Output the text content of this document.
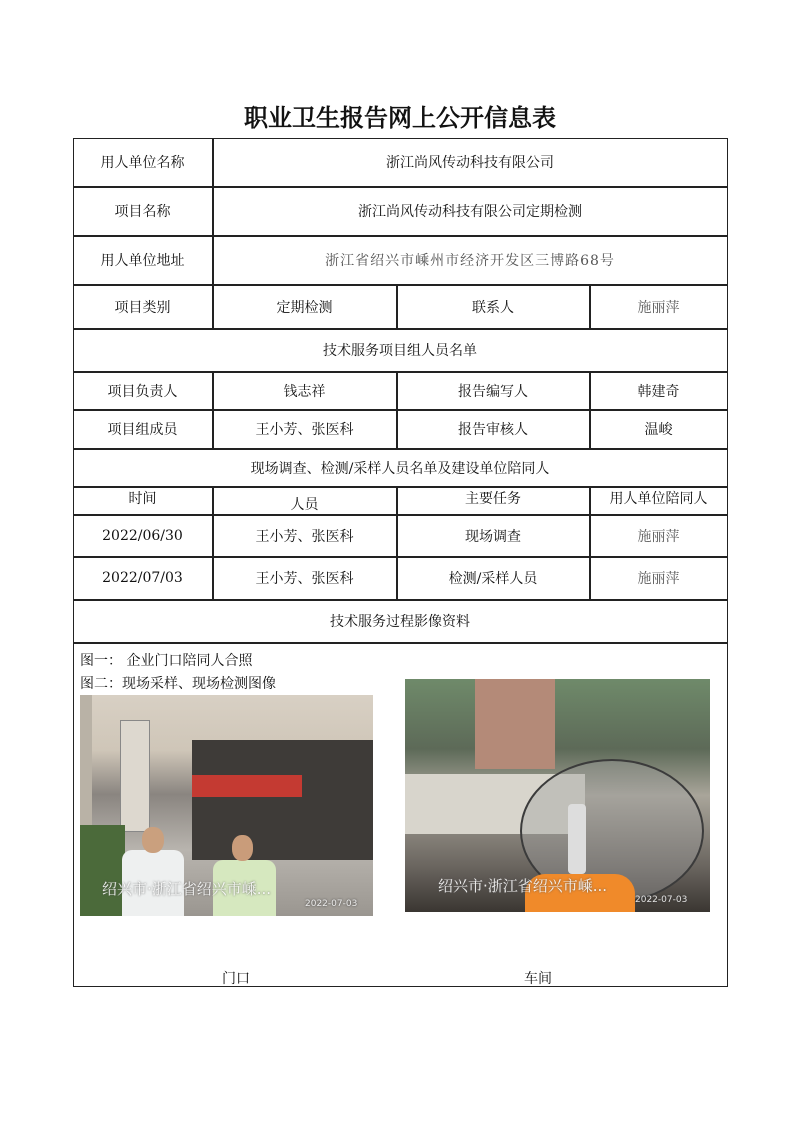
职业卫生报告网上公开信息表
用人单位名称	浙江尚风传动科技有限公司
项目名称	浙江尚风传动科技有限公司定期检测
用人单位地址	浙江省绍兴市嵊州市经济开发区三博路68号
项目类别	定期检测	联系人	施丽萍
技术服务项目组人员名单
项目负责人	钱志祥	报告编写人	韩建奇
项目组成员	王小芳、张医科	报告审核人	温峻
现场调查、检测/采样人员名单及建设单位陪同人
时间	人员	主要任务	用人单位陪同人
2022/06/30	王小芳、张医科	现场调查	施丽萍
2022/07/03	王小芳、张医科	检测/采样人员	施丽萍
技术服务过程影像资料
图一： 企业门口陪同人合照
图二：现场采样、现场检测图像
绍兴市·浙江省绍兴市嵊...
2022-07-03
绍兴市·浙江省绍兴市嵊...
2022-07-03
门口	车间
